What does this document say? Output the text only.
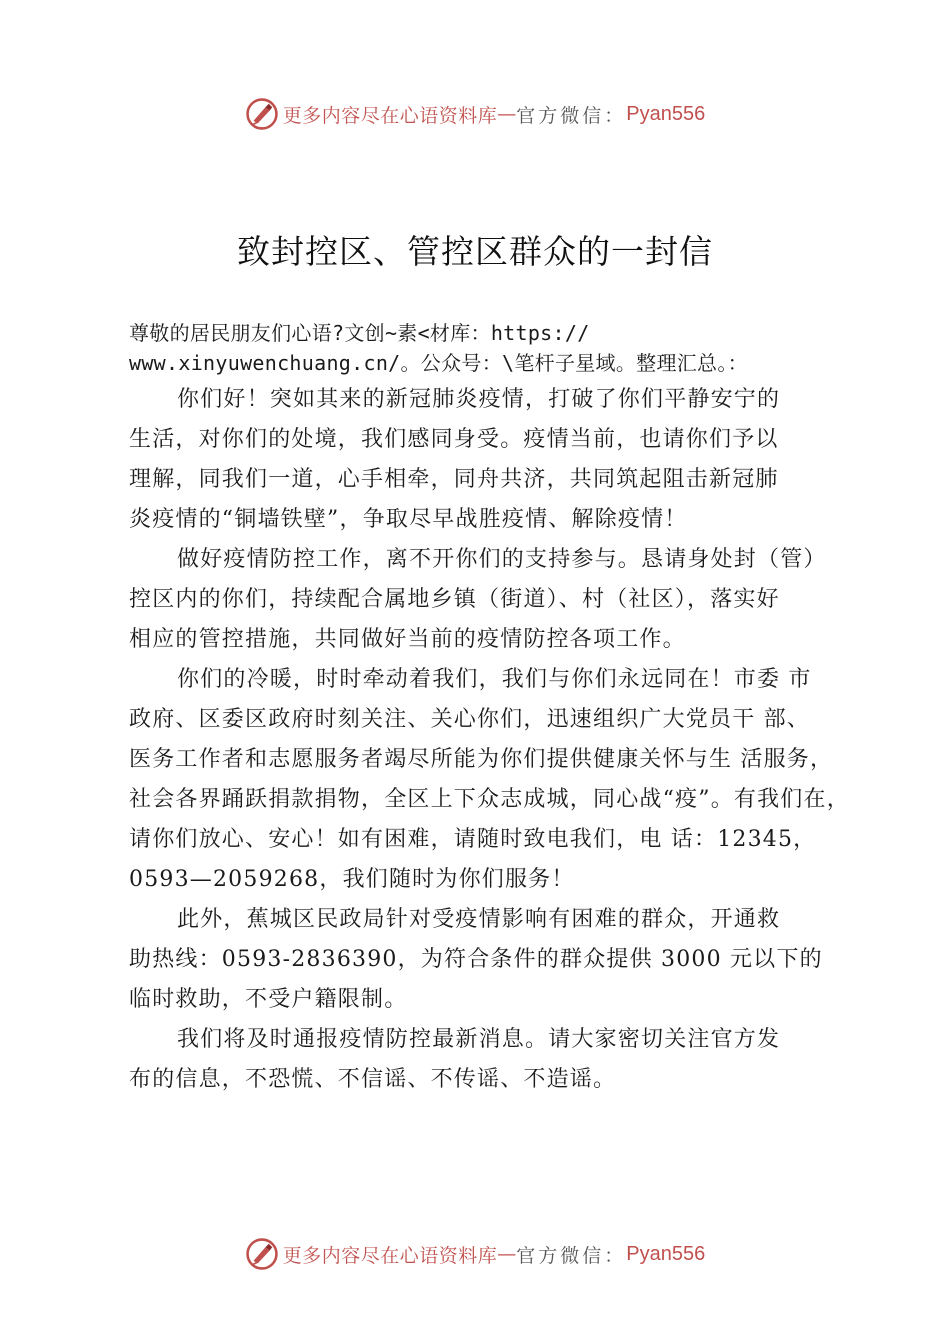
更多内容尽在心语资料库 — 官方微信： Pyan556
致封控区、管控区群众的一封信
尊敬的居民朋友们心语?文创~素<材库：https://
www.xinyuwenchuang.cn/。公众号：\笔杆子星域。整理汇总。：
你们好！突如其来的新冠肺炎疫情，打破了你们平静安宁的
生活，对你们的处境，我们感同身受。疫情当前，也请你们予以
理解，同我们一道，心手相牵，同舟共济，共同筑起阻击新冠肺
炎疫情的“铜墙铁壁”，争取尽早战胜疫情、解除疫情！
做好疫情防控工作，离不开你们的支持参与。恳请身处封（管）
控区内的你们，持续配合属地乡镇（街道）、村（社区），落实好
相应的管控措施，共同做好当前的疫情防控各项工作。
你们的冷暖，时时牵动着我们，我们与你们永远同在！市委 市
政府、区委区政府时刻关注、关心你们，迅速组织广大党员干 部、
医务工作者和志愿服务者竭尽所能为你们提供健康关怀与生 活服务，
社会各界踊跃捐款捐物，全区上下众志成城，同心战“疫”。有我们在，
请你们放心、安心！如有困难，请随时致电我们，电 话：12345，
0593—2059268，我们随时为你们服务！
此外，蕉城区民政局针对受疫情影响有困难的群众，开通救
助热线：0593-2836390，为符合条件的群众提供 3000 元以下的
临时救助，不受户籍限制。
我们将及时通报疫情防控最新消息。请大家密切关注官方发
布的信息，不恐慌、不信谣、不传谣、不造谣。
更多内容尽在心语资料库 — 官方微信： Pyan556
